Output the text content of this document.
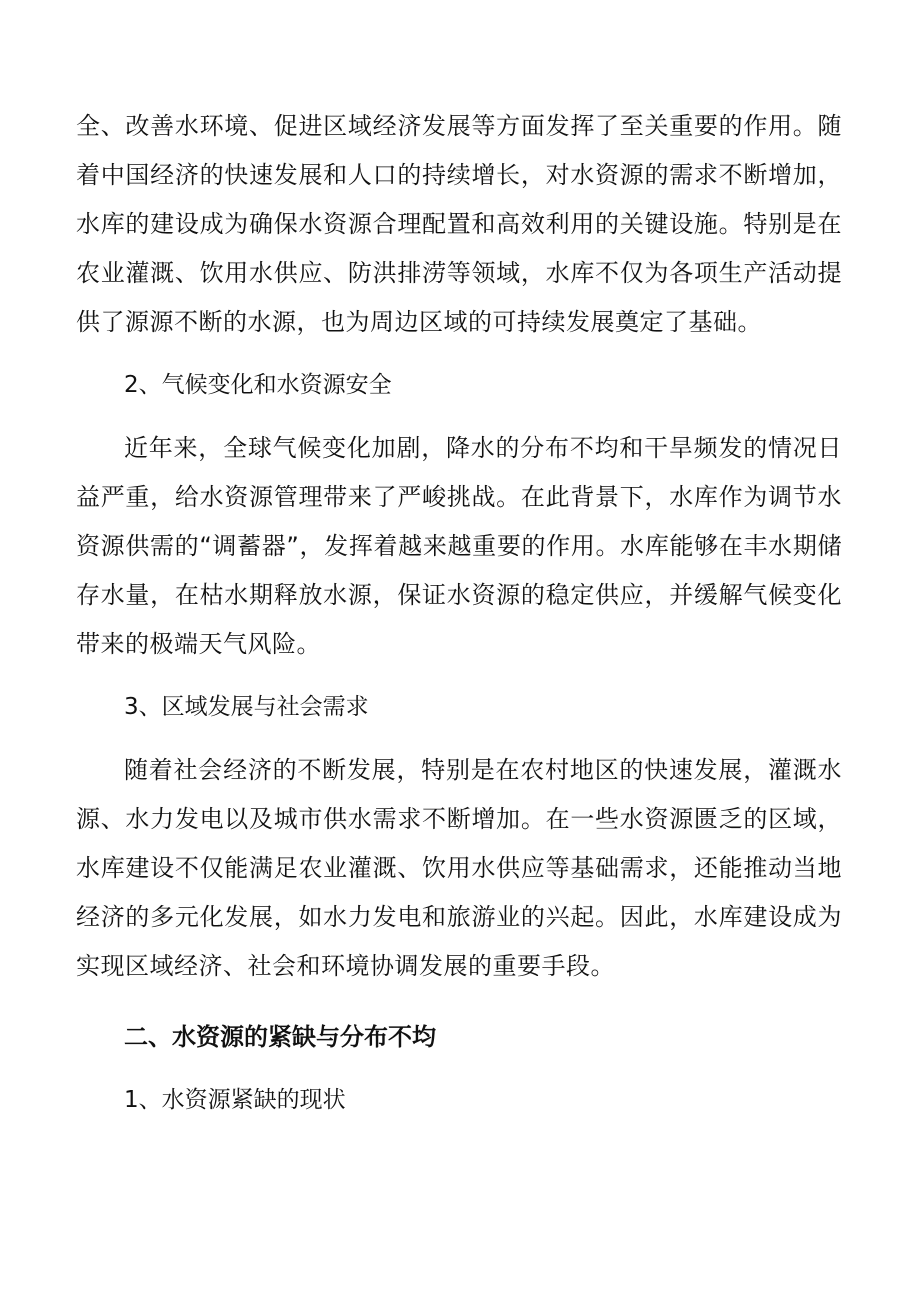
全、改善水环境、促进区域经济发展等方面发挥了至关重要的作用。随着中国经济的快速发展和人口的持续增长，对水资源的需求不断增加，水库的建设成为确保水资源合理配置和高效利用的关键设施。特别是在农业灌溉、饮用水供应、防洪排涝等领域，水库不仅为各项生产活动提供了源源不断的水源，也为周边区域的可持续发展奠定了基础。

2、气候变化和水资源安全

近年来，全球气候变化加剧，降水的分布不均和干旱频发的情况日益严重，给水资源管理带来了严峻挑战。在此背景下，水库作为调节水资源供需的“调蓄器”，发挥着越来越重要的作用。水库能够在丰水期储存水量，在枯水期释放水源，保证水资源的稳定供应，并缓解气候变化带来的极端天气风险。

3、区域发展与社会需求

随着社会经济的不断发展，特别是在农村地区的快速发展，灌溉水源、水力发电以及城市供水需求不断增加。在一些水资源匮乏的区域，水库建设不仅能满足农业灌溉、饮用水供应等基础需求，还能推动当地经济的多元化发展，如水力发电和旅游业的兴起。因此，水库建设成为实现区域经济、社会和环境协调发展的重要手段。

二、水资源的紧缺与分布不均

1、水资源紧缺的现状
